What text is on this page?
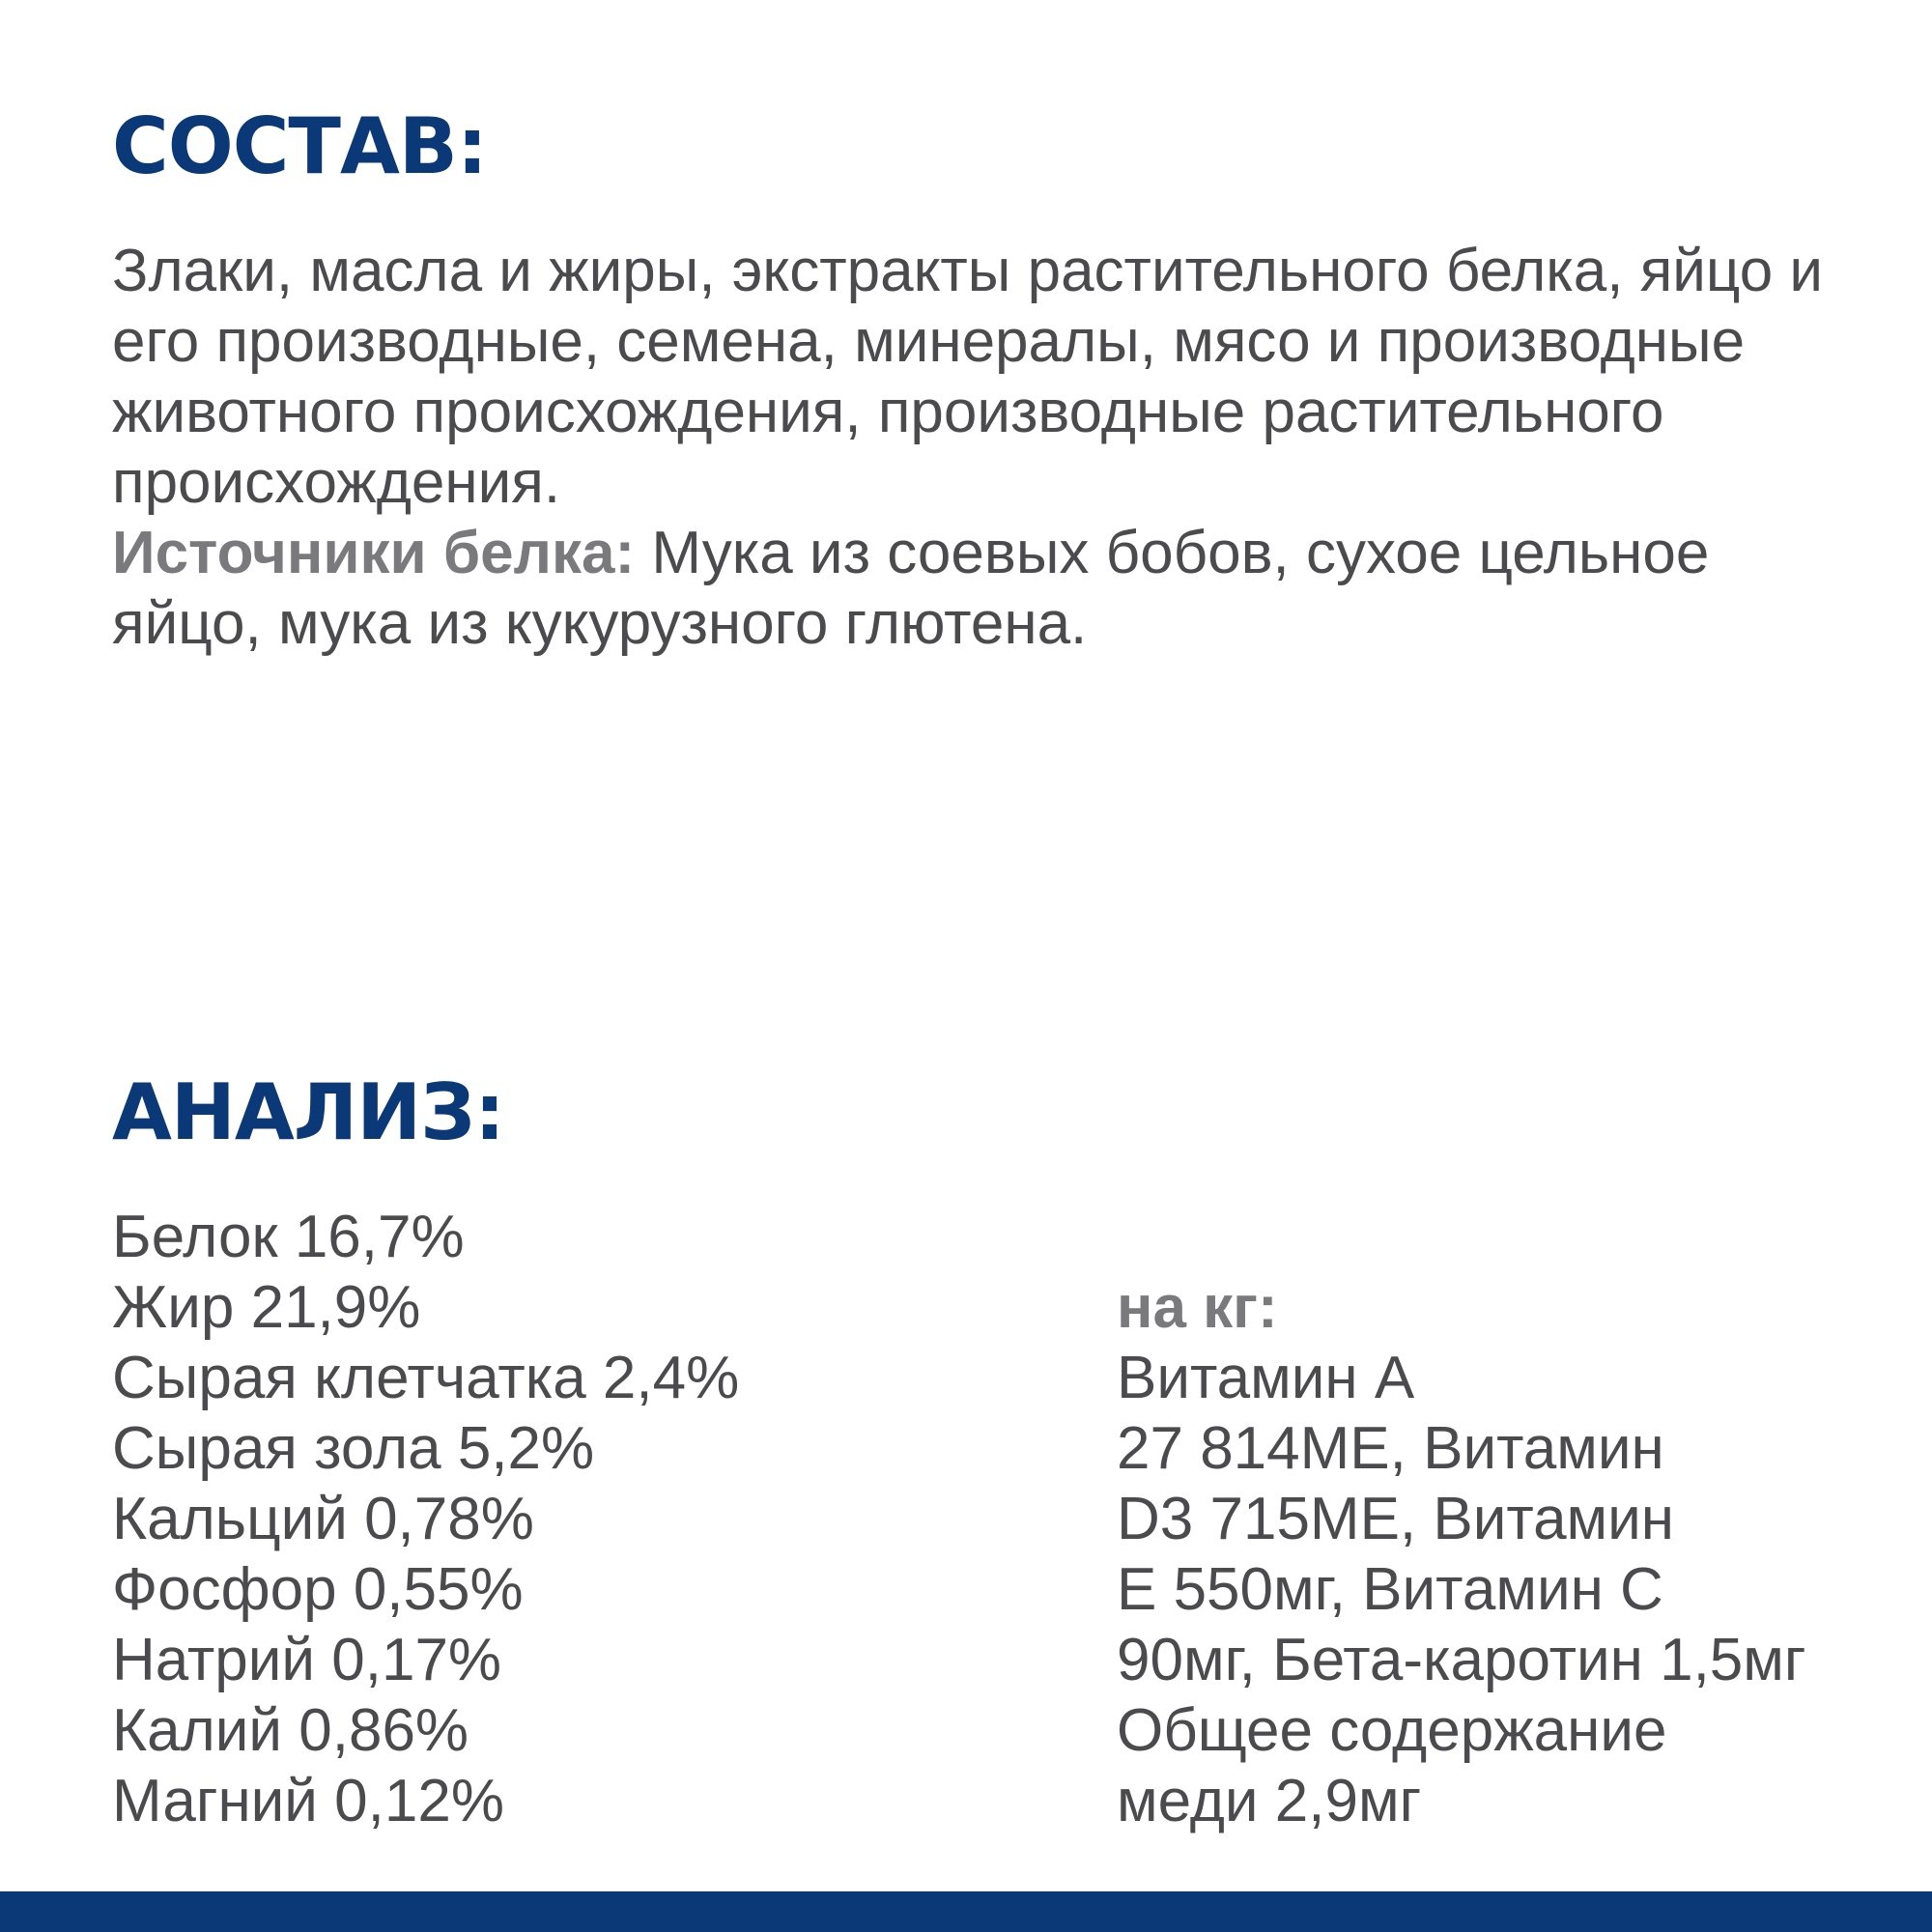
СОСТАВ:

Злаки, масла и жиры, экстракты растительного белка, яйцо и его производные, семена, минералы, мясо и производные животного происхождения, производные растительного происхождения.

Источники белка: Мука из соевых бобов, сухое цельное яйцо, мука из кукурузного глютена.

АНАЛИЗ:
Белок 16,7%
Жир 21,9%
Сырая клетчатка 2,4%
Сырая зола 5,2%
Кальций 0,78%
Фосфор 0,55%
Натрий 0,17%
Калий 0,86%
Магний 0,12%
на кг:
Витамин А
27 814МЕ, Витамин
D3 715МЕ, Витамин
Е 550мг, Витамин С
90мг, Бета-каротин 1,5мг
Общее содержание
меди 2,9мг
